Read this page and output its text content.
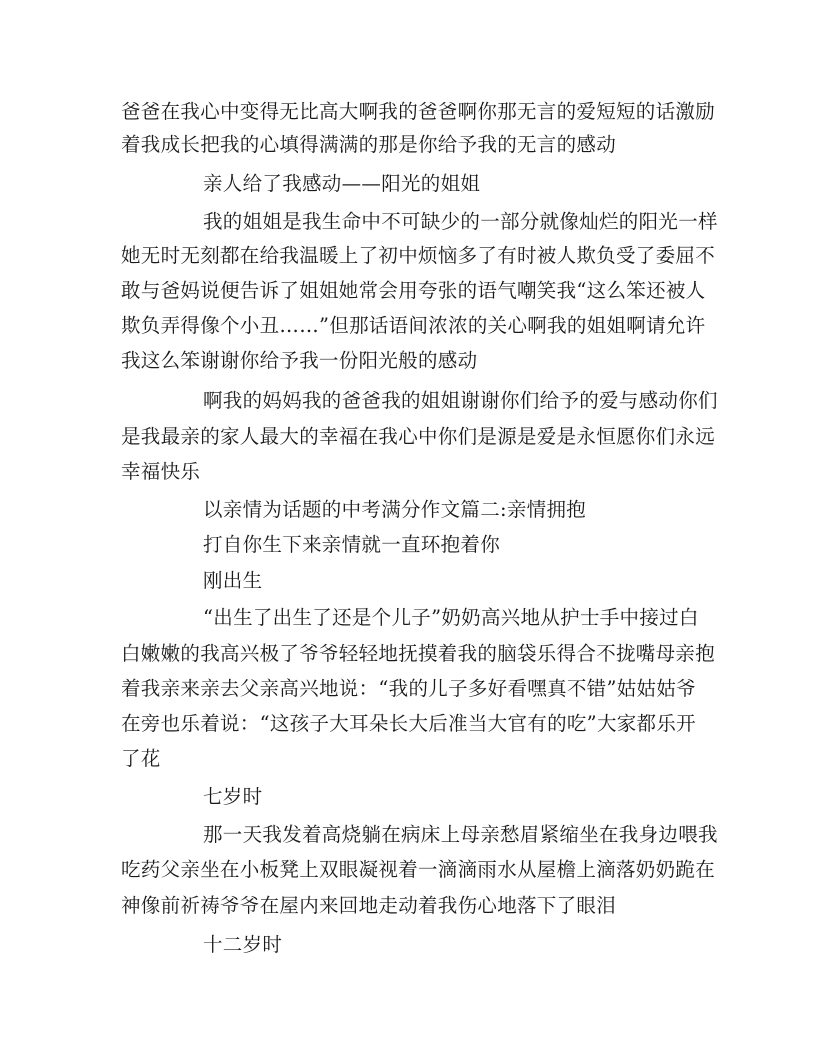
爸爸在我心中变得无比高大啊我的爸爸啊你那无言的爱短短的话激励
着我成长把我的心填得满满的那是你给予我的无言的感动
亲人给了我感动——阳光的姐姐
我的姐姐是我生命中不可缺少的一部分就像灿烂的阳光一样
她无时无刻都在给我温暖上了初中烦恼多了有时被人欺负受了委屈不
敢与爸妈说便告诉了姐姐她常会用夸张的语气嘲笑我“这么笨还被人
欺负弄得像个小丑……”但那话语间浓浓的关心啊我的姐姐啊请允许
我这么笨谢谢你给予我一份阳光般的感动
啊我的妈妈我的爸爸我的姐姐谢谢你们给予的爱与感动你们
是我最亲的家人最大的幸福在我心中你们是源是爱是永恒愿你们永远
幸福快乐
以亲情为话题的中考满分作文篇二:亲情拥抱
打自你生下来亲情就一直环抱着你
刚出生
“出生了出生了还是个儿子”奶奶高兴地从护士手中接过白
白嫩嫩的我高兴极了爷爷轻轻地抚摸着我的脑袋乐得合不拢嘴母亲抱
着我亲来亲去父亲高兴地说：“我的儿子多好看嘿真不错”姑姑姑爷
在旁也乐着说：“这孩子大耳朵长大后准当大官有的吃”大家都乐开
了花
七岁时
那一天我发着高烧躺在病床上母亲愁眉紧缩坐在我身边喂我
吃药父亲坐在小板凳上双眼凝视着一滴滴雨水从屋檐上滴落奶奶跪在
神像前祈祷爷爷在屋内来回地走动着我伤心地落下了眼泪
十二岁时
